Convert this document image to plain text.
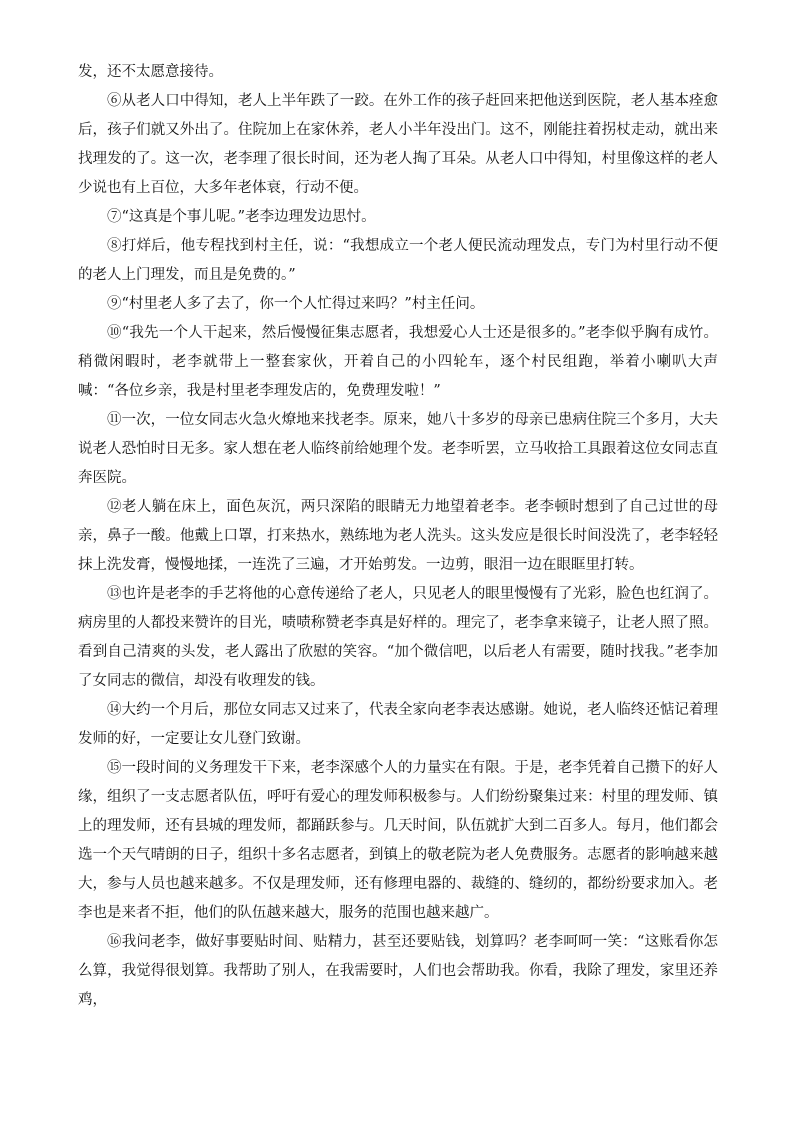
发，还不太愿意接待。

⑥从老人口中得知，老人上半年跌了一跤。在外工作的孩子赶回来把他送到医院，老人基本痊愈后，孩子们就又外出了。住院加上在家休养，老人小半年没出门。这不，刚能拄着拐杖走动，就出来找理发的了。这一次，老李理了很长时间，还为老人掏了耳朵。从老人口中得知，村里像这样的老人少说也有上百位，大多年老体衰，行动不便。

⑦“这真是个事儿呢。”老李边理发边思忖。

⑧打烊后，他专程找到村主任，说：“我想成立一个老人便民流动理发点，专门为村里行动不便的老人上门理发，而且是免费的。”

⑨“村里老人多了去了，你一个人忙得过来吗？”村主任问。

⑩“我先一个人干起来，然后慢慢征集志愿者，我想爱心人士还是很多的。”老李似乎胸有成竹。稍微闲暇时，老李就带上一整套家伙，开着自己的小四轮车，逐个村民组跑，举着小喇叭大声喊：“各位乡亲，我是村里老李理发店的，免费理发啦！”

⑪一次，一位女同志火急火燎地来找老李。原来，她八十多岁的母亲已患病住院三个多月，大夫说老人恐怕时日无多。家人想在老人临终前给她理个发。老李听罢，立马收拾工具跟着这位女同志直奔医院。

⑫老人躺在床上，面色灰沉，两只深陷的眼睛无力地望着老李。老李顿时想到了自己过世的母亲，鼻子一酸。他戴上口罩，打来热水，熟练地为老人洗头。这头发应是很长时间没洗了，老李轻轻抹上洗发膏，慢慢地揉，一连洗了三遍，才开始剪发。一边剪，眼泪一边在眼眶里打转。

⑬也许是老李的手艺将他的心意传递给了老人，只见老人的眼里慢慢有了光彩，脸色也红润了。病房里的人都投来赞许的目光，啧啧称赞老李真是好样的。理完了，老李拿来镜子，让老人照了照。看到自己清爽的头发，老人露出了欣慰的笑容。“加个微信吧，以后老人有需要，随时找我。”老李加了女同志的微信，却没有收理发的钱。

⑭大约一个月后，那位女同志又过来了，代表全家向老李表达感谢。她说，老人临终还惦记着理发师的好，一定要让女儿登门致谢。

⑮一段时间的义务理发干下来，老李深感个人的力量实在有限。于是，老李凭着自己攒下的好人缘，组织了一支志愿者队伍，呼吁有爱心的理发师积极参与。人们纷纷聚集过来：村里的理发师、镇上的理发师，还有县城的理发师，都踊跃参与。几天时间，队伍就扩大到二百多人。每月，他们都会选一个天气晴朗的日子，组织十多名志愿者，到镇上的敬老院为老人免费服务。志愿者的影响越来越大，参与人员也越来越多。不仅是理发师，还有修理电器的、裁缝的、缝纫的，都纷纷要求加入。老李也是来者不拒，他们的队伍越来越大，服务的范围也越来越广。

⑯我问老李，做好事要贴时间、贴精力，甚至还要贴钱，划算吗？老李呵呵一笑：“这账看你怎么算，我觉得很划算。我帮助了别人，在我需要时，人们也会帮助我。你看，我除了理发，家里还养鸡，
